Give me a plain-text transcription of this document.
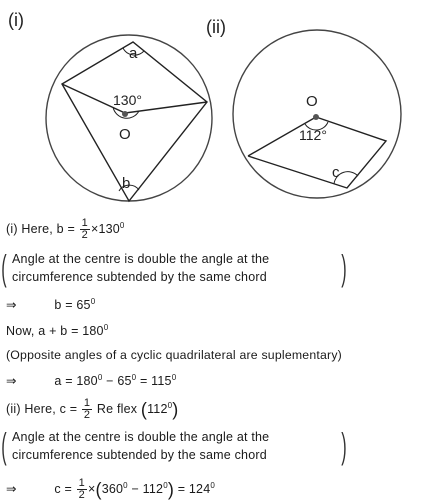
(i)
130°
O
a
b
(ii)
O
112°
c
(i) Here, $b = \frac{1}{2} \times 130^0$
( Angle at the centre is double the angle at the
circumference subtended by the same chord )
⇒	$b = 65^0$
Now, $a + b = 180^0$
(Opposite angles of a cyclic quadrilateral are suplementary)
⇒	$a = 180^0 - 65^0 = 115^0$
(ii) Here, $c = \frac{1}{2}$ Re flex $(112^0)$
( Angle at the centre is double the angle at the
circumference subtended by the same chord )
⇒	$c = \frac{1}{2} \times(360^0 - 112^0) = 124^0$
